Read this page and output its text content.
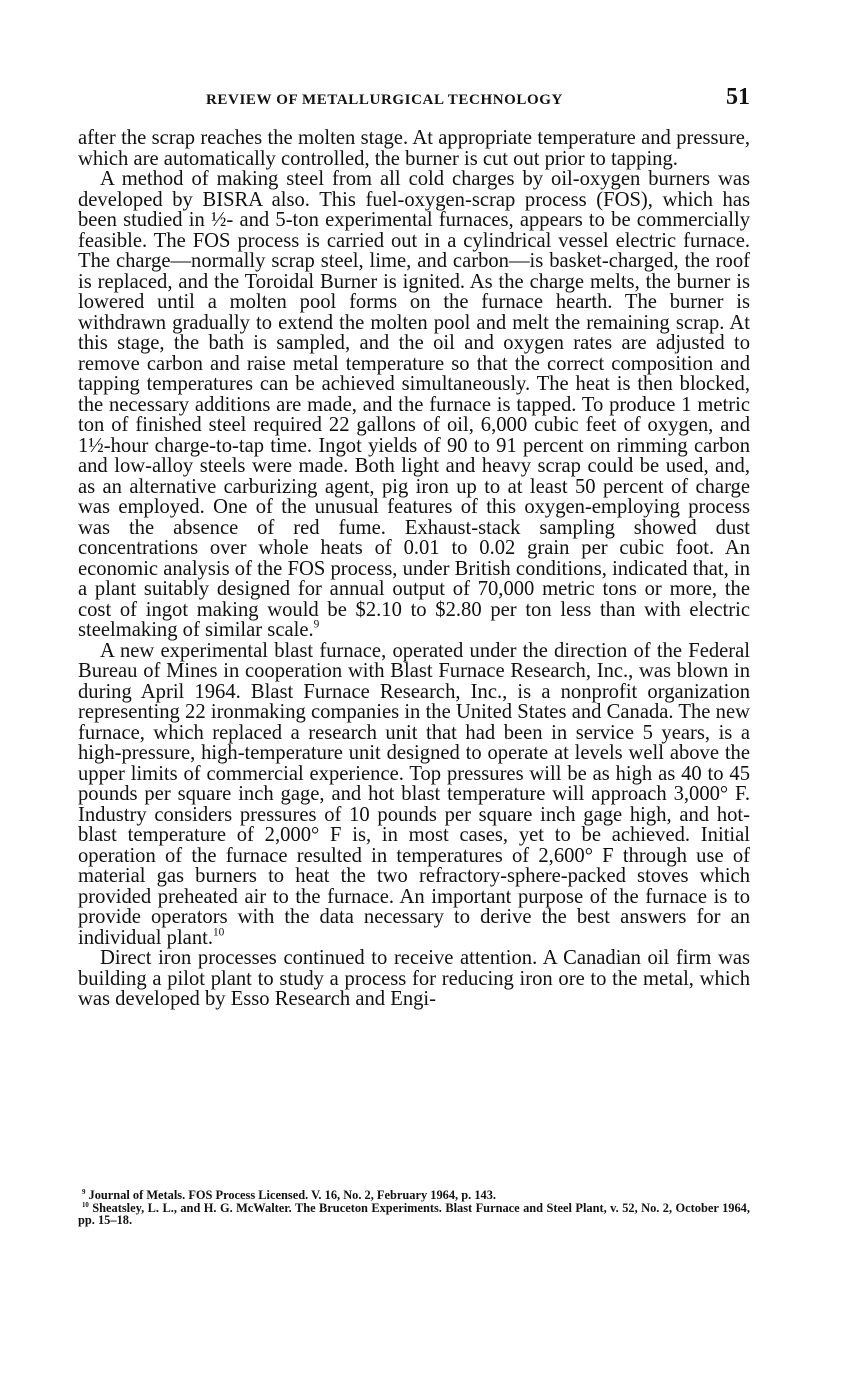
REVIEW OF METALLURGICAL TECHNOLOGY	51

after the scrap reaches the molten stage. At appropriate temperature and pressure, which are automatically controlled, the burner is cut out prior to tapping.

A method of making steel from all cold charges by oil-oxygen burners was developed by BISRA also. This fuel-oxygen-scrap process (FOS), which has been studied in ½- and 5-ton experimental furnaces, appears to be commercially feasible. The FOS process is carried out in a cylindrical vessel electric furnace. The charge—normally scrap steel, lime, and carbon—is basket-charged, the roof is replaced, and the Toroidal Burner is ignited. As the charge melts, the burner is lowered until a molten pool forms on the furnace hearth. The burner is withdrawn gradually to extend the molten pool and melt the remaining scrap. At this stage, the bath is sampled, and the oil and oxygen rates are adjusted to remove carbon and raise metal temperature so that the correct composition and tapping temperatures can be achieved simultaneously. The heat is then blocked, the necessary additions are made, and the furnace is tapped. To produce 1 metric ton of finished steel required 22 gallons of oil, 6,000 cubic feet of oxygen, and 1½-hour charge-to-tap time. Ingot yields of 90 to 91 percent on rimming carbon and low-alloy steels were made. Both light and heavy scrap could be used, and, as an alternative carburizing agent, pig iron up to at least 50 percent of charge was employed. One of the unusual features of this oxygen-employing process was the absence of red fume. Exhaust-stack sampling showed dust concentrations over whole heats of 0.01 to 0.02 grain per cubic foot. An economic analysis of the FOS process, under British conditions, indicated that, in a plant suitably designed for annual output of 70,000 metric tons or more, the cost of ingot making would be $2.10 to $2.80 per ton less than with electric steelmaking of similar scale.$^9$

A new experimental blast furnace, operated under the direction of the Federal Bureau of Mines in cooperation with Blast Furnace Research, Inc., was blown in during April 1964. Blast Furnace Research, Inc., is a nonprofit organization representing 22 ironmaking companies in the United States and Canada. The new furnace, which replaced a research unit that had been in service 5 years, is a high-pressure, high-temperature unit designed to operate at levels well above the upper limits of commercial experience. Top pressures will be as high as 40 to 45 pounds per square inch gage, and hot blast temperature will approach 3,000° F. Industry considers pressures of 10 pounds per square inch gage high, and hot-blast temperature of 2,000° F is, in most cases, yet to be achieved. Initial operation of the furnace resulted in temperatures of 2,600° F through use of material gas burners to heat the two refractory-sphere-packed stoves which provided preheated air to the furnace. An important purpose of the furnace is to provide operators with the data necessary to derive the best answers for an individual plant.$^{10}$

Direct iron processes continued to receive attention. A Canadian oil firm was building a pilot plant to study a process for reducing iron ore to the metal, which was developed by Esso Research and Engi-

$^9$ Journal of Metals. FOS Process Licensed. V. 16, No. 2, February 1964, p. 143.

$^{10}$ Sheatsley, L. L., and H. G. McWalter. The Bruceton Experiments. Blast Furnace and Steel Plant, v. 52, No. 2, October 1964, pp. 15–18.
